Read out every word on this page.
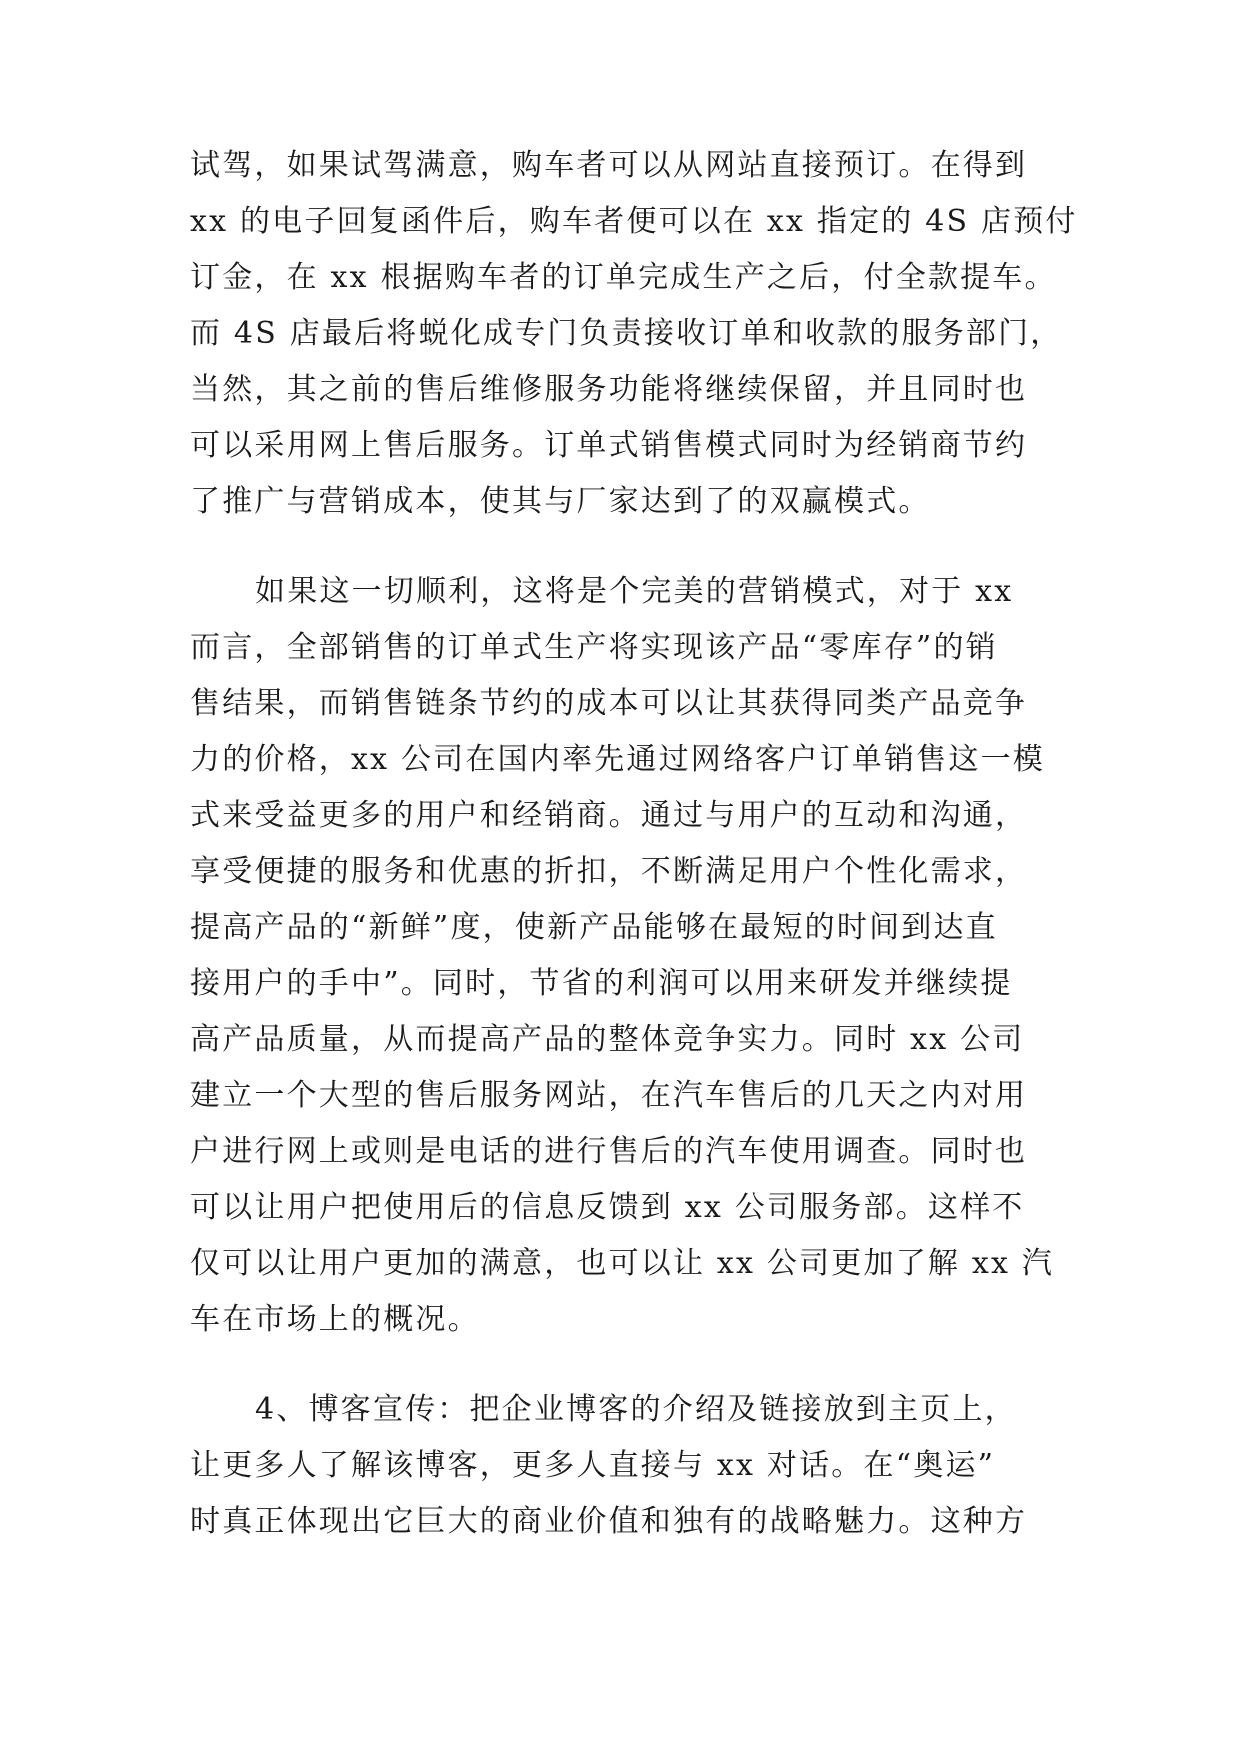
试驾，如果试驾满意，购车者可以从网站直接预订。在得到
xx 的电子回复函件后，购车者便可以在 xx 指定的 4S 店预付
订金，在 xx 根据购车者的订单完成生产之后，付全款提车。
而 4S 店最后将蜕化成专门负责接收订单和收款的服务部门，
当然，其之前的售后维修服务功能将继续保留，并且同时也
可以采用网上售后服务。订单式销售模式同时为经销商节约
了推广与营销成本，使其与厂家达到了的双赢模式。
如果这一切顺利，这将是个完美的营销模式，对于 xx
而言，全部销售的订单式生产将实现该产品“零库存”的销
售结果，而销售链条节约的成本可以让其获得同类产品竞争
力的价格，xx 公司在国内率先通过网络客户订单销售这一模
式来受益更多的用户和经销商。通过与用户的互动和沟通，
享受便捷的服务和优惠的折扣，不断满足用户个性化需求，
提高产品的“新鲜”度，使新产品能够在最短的时间到达直
接用户的手中”。同时，节省的利润可以用来研发并继续提
高产品质量，从而提高产品的整体竞争实力。同时 xx 公司
建立一个大型的售后服务网站，在汽车售后的几天之内对用
户进行网上或则是电话的进行售后的汽车使用调查。同时也
可以让用户把使用后的信息反馈到 xx 公司服务部。这样不
仅可以让用户更加的满意，也可以让 xx 公司更加了解 xx 汽
车在市场上的概况。
4、博客宣传：把企业博客的介绍及链接放到主页上，
让更多人了解该博客，更多人直接与 xx 对话。在“奥运”
时真正体现出它巨大的商业价值和独有的战略魅力。这种方
